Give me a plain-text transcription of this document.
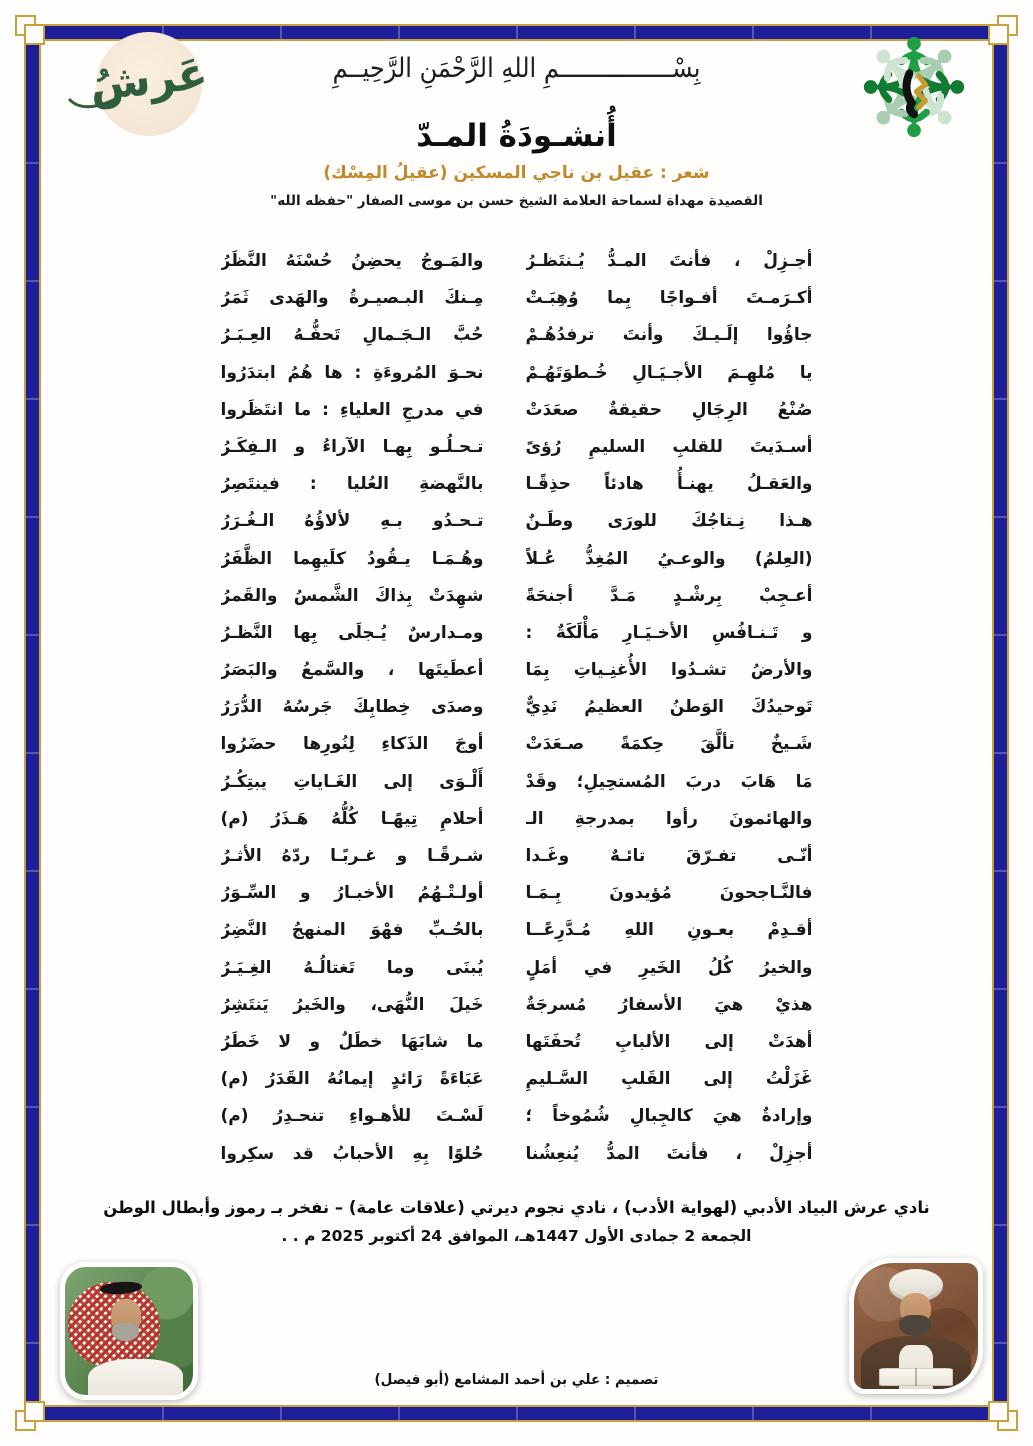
بِسْــــــــــــــــمِ اللهِ الرَّحْمَنِ الرَّحِيــمِ
عَرشُ
أُنشـودَةُ المـدّ
شعر : عقيل بن ناجي المسكين (عقيلُ المِسْك)
القصيدة مهداة لسماحة العلامة الشيخ حسن بن موسى الصفار "حفظه الله"
أجـزِلْ ، فأنتَ المـدُّ يُـنتَظـرُ
والمَـوجُ يحضِنُ حُسْنَهُ النَّظَرُ
أكـرَمـتَ أفـواجًا بِما وُهِبَـتْ
مِـنكَ البـصيـرةُ والهَدى ثَمَرُ
جاؤُوا إلَـيـكَ وأنتَ ترفدُهُـمْ
حُبَّ الـجَـمالِ تَحفُّـهُ العِـبَـرُ
يا مُلهِـمَ الأجـيَـالِ خُـطوَتَهُـمْ
نحـوَ المُروءَةِ : ها هُمُ ابتدَرُوا
صُنْعُ الرِجَالِ حقيقةٌ صعَدَتْ
في مدرجِ العلياءِ : ما انتَظَروا
أسـدَيتَ للقلبِ السليمِ رُؤىً
تـحـلُـو بِهـا الآراءُ و الـفِكَـرُ
والعَقـلُ يهنـأُ هادئاً حذِقًـا
بالنَّهضةِ العُليا : فينتَصِرُ
هـذا نِـتاجُكَ للورَى وطَـنٌ
تـحـدُو بـهِ لألاؤُهُ الـغُـرَرُ
(العِلمُ) والوعـيُ المُغِذُّ عُـلاً
وهُـمَـا يـقُودُ كلَيهِما الظَّفَرُ
أعـجِبْ بِرشْـدٍ مَـدَّ أجنحَةً
شهِدَتْ بِذاكَ الشَّمسُ والقَمرُ
و تَـنـافُسِ الأخـيَـارِ مَأْلَكَةٌ :
ومـدارسٌ يُـجلَى بِها النَّظـرُ
والأرضُ تشـدُوا الأُغنِـياتِ بِمَا
أعطَيتَها ، والسَّمعُ والبَصَرُ
تَوحيدُكَ الوَطنُ العظيمُ نَدِيٌّ
وصدَى خِطابِكَ جَرسُهُ الدُّرَرُ
شَـيخٌ تألَّقَ حِكمَةً صـعَدَتْ
أوجَ الذَكاءِ لِنُورِها حضَرُوا
مَا هَابَ دربَ المُستحِيلِ؛ وقَدْ
أَلْـوَى إلى الغَـاياتِ يبتِكُـرُ
والهائمونَ رأوا بمدرجةِ الـ
أحلامِ تِيهًـا كُلُّهُ هَـذَرُ (م)
أنّـى تفـرّقَ تائـهٌ وغَـدا
شـرقًـا و غـربًـا ردّهُ الأثـرُ
فالنَّـاجحونَ مُؤيدونَ بِـمَـا
أولـتْـهُمُ الأخبـارُ و السِّـوَرُ
أقـدِمْ بعـونِ اللهِ مُـدَّرِعًــا
بالحُـبِّ فهْوَ المنهجُ النَّضِرُ
والخيرُ كُلُ الخَيرِ في أمَلٍ
يُبنَى وما تَغتالُـهُ الغِـيَـرُ
هذيْ هيَ الأسفارُ مُسرجَةٌ
خَيلَ النُّهَى، والخَيرُ يَنتَشِرُ
أهدَتْ إلى الألبابِ تُحفَتَها
ما شابَهَا خطَلٌ و لا خَطَرُ
غَزَلْتُ إلى القَلبِ السَّـليمِ
عَبَاءَةً رَائدٍ إيمانُهُ القَدَرُ (م)
وإرادةٌ هيَ كالجِبالِ شُمُوخاً ؛
لَسْـتَ للأهـواءِ تنحـدِرُ (م)
أجزِلْ ، فأنتَ المدُّ يُنعِشُنا
حُلوًا بِهِ الأحبابُ قد سكِروا
نادي عرش البياد الأدبي (لهواية الأدب) ، نادي نجوم ديرتي (علاقات عامة) – نفخر بـ رموز وأبطال الوطن
الجمعة 2 جمادى الأول 1447هـ، الموافق 24 أكتوبر 2025 م . .
تصميم : علي بن أحمد المشامع (أبو فيصل)
